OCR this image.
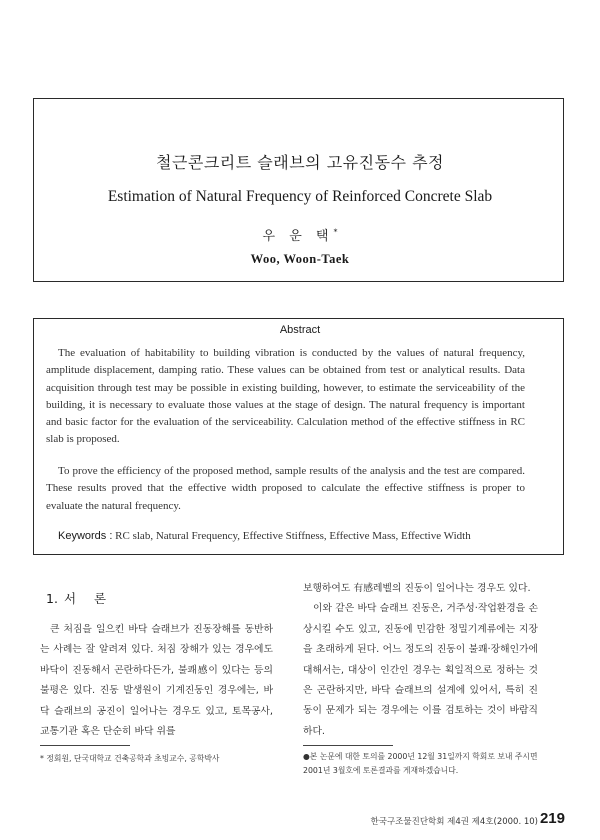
철근콘크리트 슬래브의 고유진동수 추정
Estimation of Natural Frequency of Reinforced Concrete Slab
우 운 택*
Woo, Woon-Taek
Abstract

The evaluation of habitability to building vibration is conducted by the values of natural frequency, amplitude displacement, damping ratio. These values can be obtained from test or analytical results. Data acquisition through test may be possible in existing building, however, to estimate the serviceability of the building, it is necessary to evaluate those values at the stage of design. The natural frequency is important and basic factor for the evaluation of the serviceability. Calculation method of the effective stiffness in RC slab is proposed.

To prove the efficiency of the proposed method, sample results of the analysis and the test are compared. These results proved that the effective width proposed to calculate the effective stiffness is proper to evaluate the natural frequency.

Keywords : RC slab, Natural Frequency, Effective Stiffness, Effective Mass, Effective Width
1. 서 론

큰 처짐을 일으킨 바닥 슬래브가 진동장해를 동반하는 사례는 잘 알려져 있다. 처짐 장해가 있는 경우에도 바닥이 진동해서 곤란하다든가, 불쾌感이 있다는 등의 불평은 있다. 진동 발생원이 기계진동인 경우에는, 바닥 슬래브의 공진이 일어나는 경우도 있고, 토목공사, 교통기관 혹은 단순히 바닥 위를

보행하여도 有感레벨의 진동이 일어나는 경우도 있다.
이와 같은 바닥 슬래브 진동은, 거주성·작업환경을 손상시킬 수도 있고, 진동에 민감한 정밀기계류에는 지장을 초래하게 된다. 어느 정도의 진동이 불쾌·장해인가에 대해서는, 대상이 인간인 경우는 획일적으로 정하는 것은 곤란하지만, 바닥 슬래브의 설계에 있어서, 특히 진동이 문제가 되는 경우에는 이를 검토하는 것이 바람직하다.

* 정회원, 단국대학교 건축공학과 초빙교수, 공학박사	●본 논문에 대한 토의를 2000년 12월 31일까지 학회로 보내 주시면 2001년 3월호에 토론결과를 게재하겠습니다.
한국구조물진단학회 제4권 제4호(2000. 10) 219
